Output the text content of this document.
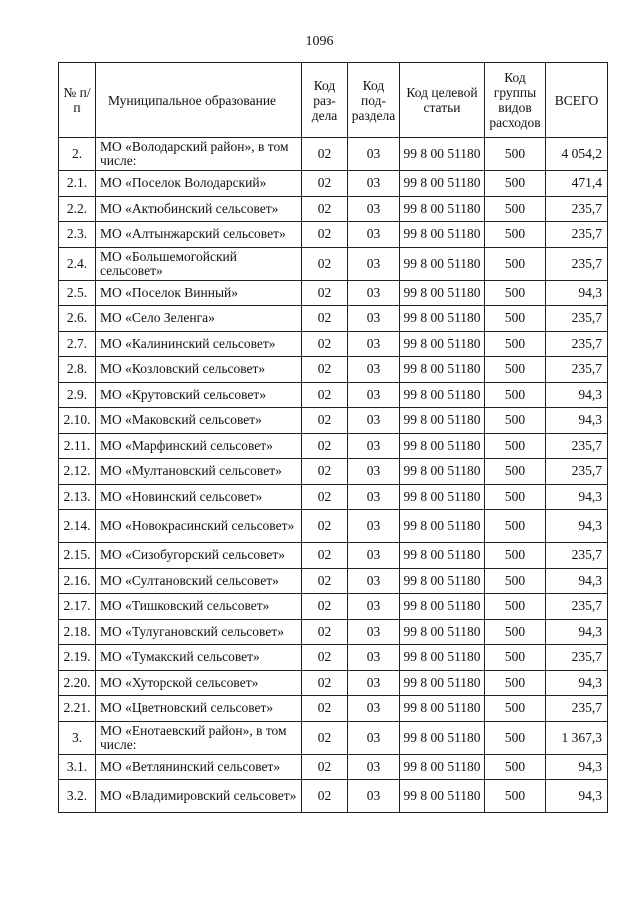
1096
№ п/п	Муниципальное образование	Код раз-дела	Код под-раздела	Код целевой статьи	Код группы видов расходов	ВСЕГО
2.	МО «Володарский район», в том числе:	02	03	99 8 00 51180	500	4 054,2
2.1.	МО «Поселок Володарский»	02	03	99 8 00 51180	500	471,4
2.2.	МО «Актюбинский сельсовет»	02	03	99 8 00 51180	500	235,7
2.3.	МО «Алтынжарский сельсовет»	02	03	99 8 00 51180	500	235,7
2.4.	МО «Большемогойский сельсовет»	02	03	99 8 00 51180	500	235,7
2.5.	МО «Поселок Винный»	02	03	99 8 00 51180	500	94,3
2.6.	МО «Село Зеленга»	02	03	99 8 00 51180	500	235,7
2.7.	МО «Калининский сельсовет»	02	03	99 8 00 51180	500	235,7
2.8.	МО «Козловский сельсовет»	02	03	99 8 00 51180	500	235,7
2.9.	МО «Крутовский сельсовет»	02	03	99 8 00 51180	500	94,3
2.10.	МО «Маковский сельсовет»	02	03	99 8 00 51180	500	94,3
2.11.	МО «Марфинский сельсовет»	02	03	99 8 00 51180	500	235,7
2.12.	МО «Мултановский сельсовет»	02	03	99 8 00 51180	500	235,7
2.13.	МО «Новинский сельсовет»	02	03	99 8 00 51180	500	94,3
2.14.	МО «Новокрасинский сельсовет»	02	03	99 8 00 51180	500	94,3
2.15.	МО «Сизобугорский сельсовет»	02	03	99 8 00 51180	500	235,7
2.16.	МО «Султановский сельсовет»	02	03	99 8 00 51180	500	94,3
2.17.	МО «Тишковский сельсовет»	02	03	99 8 00 51180	500	235,7
2.18.	МО «Тулугановский сельсовет»	02	03	99 8 00 51180	500	94,3
2.19.	МО «Тумакский сельсовет»	02	03	99 8 00 51180	500	235,7
2.20.	МО «Хуторской сельсовет»	02	03	99 8 00 51180	500	94,3
2.21.	МО «Цветновский сельсовет»	02	03	99 8 00 51180	500	235,7
3.	МО «Енотаевский район», в том числе:	02	03	99 8 00 51180	500	1 367,3
3.1.	МО «Ветлянинский сельсовет»	02	03	99 8 00 51180	500	94,3
3.2.	МО «Владимировский сельсовет»	02	03	99 8 00 51180	500	94,3
